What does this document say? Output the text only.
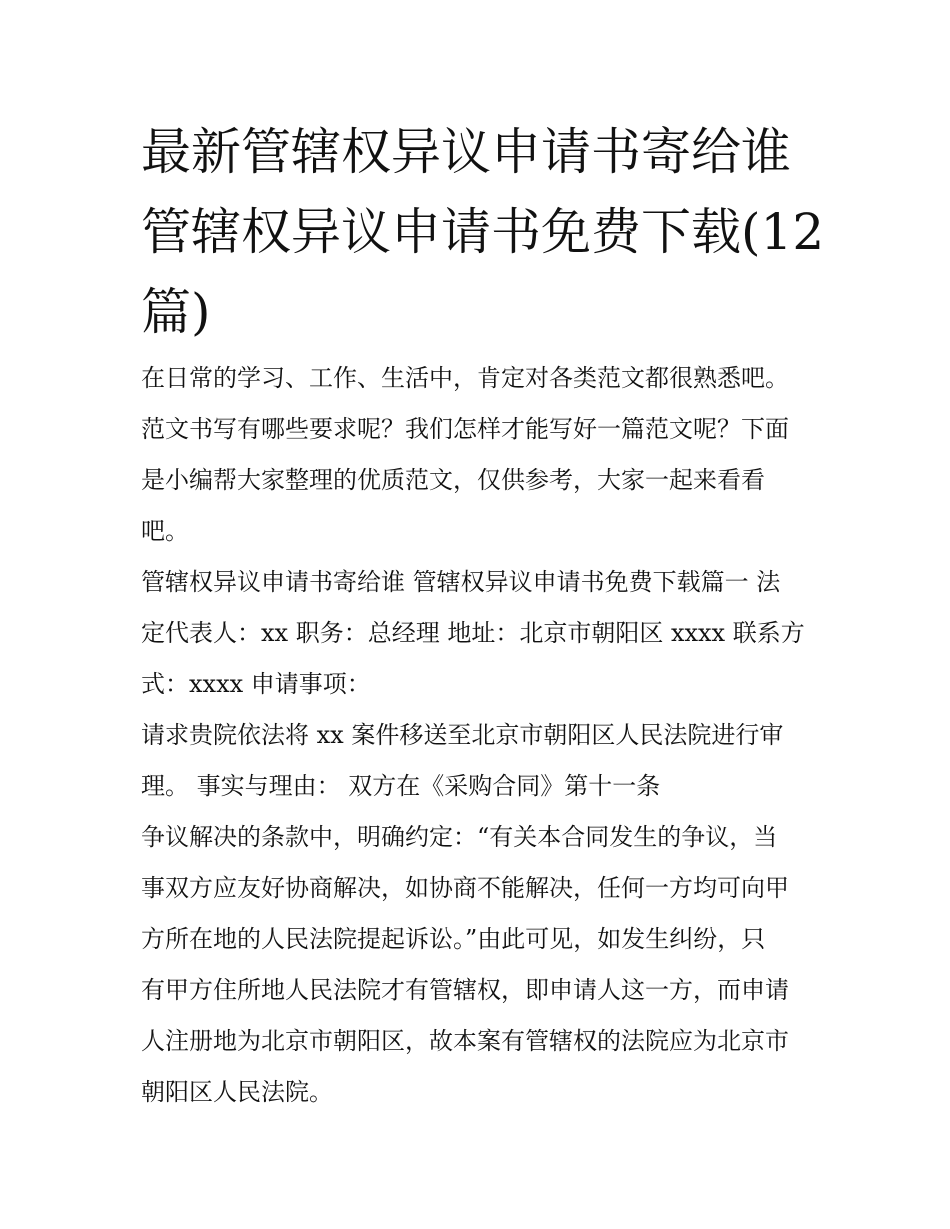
最新管辖权异议申请书寄给谁
管辖权异议申请书免费下载(12
篇)

在日常的学习、工作、生活中，肯定对各类范文都很熟悉吧。
范文书写有哪些要求呢？我们怎样才能写好一篇范文呢？下面
是小编帮大家整理的优质范文，仅供参考，大家一起来看看
吧。

管辖权异议申请书寄给谁 管辖权异议申请书免费下载篇一 法
定代表人：xx 职务：总经理 地址：北京市朝阳区 xxxx 联系方
式：xxxx 申请事项：

请求贵院依法将 xx 案件移送至北京市朝阳区人民法院进行审
理。 事实与理由： 双方在《采购合同》第十一条

争议解决的条款中，明确约定：“有关本合同发生的争议，当
事双方应友好协商解决，如协商不能解决，任何一方均可向甲
方所在地的人民法院提起诉讼。”由此可见，如发生纠纷，只
有甲方住所地人民法院才有管辖权，即申请人这一方，而申请
人注册地为北京市朝阳区，故本案有管辖权的法院应为北京市
朝阳区人民法院。
